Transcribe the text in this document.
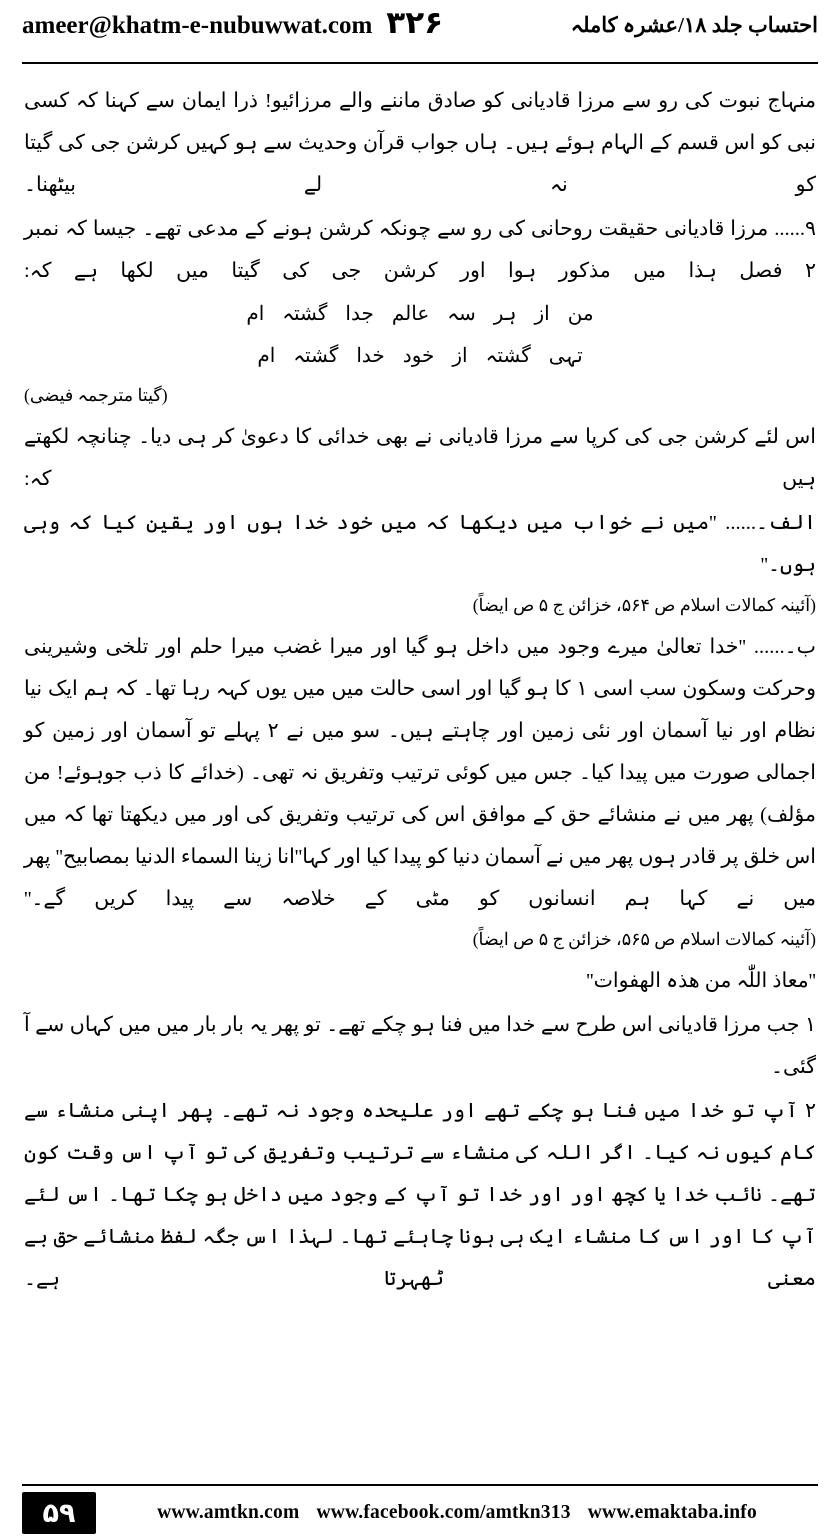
ameer@khatm-e-nubuwwat.com ۳۲۶	احتساب جلد ۱۸/عشرہ کاملہ

منہاج نبوت کی رو سے مرزا قادیانی کو صادق ماننے والے مرزائیو! ذرا ایمان سے کہنا کہ کسی نبی کو اس قسم کے الہام ہوئے ہیں۔ ہاں جواب قرآن وحدیث سے ہو کہیں کرشن جی کی گیتا کو نہ لے بیٹھنا۔

۹...... مرزا قادیانی حقیقت روحانی کی رو سے چونکہ کرشن ہونے کے مدعی تھے۔ جیسا کہ نمبر ۲ فصل ہذا میں مذکور ہوا اور کرشن جی کی گیتا میں لکھا ہے کہ:

من از ہر سہ عالم جدا گشتہ ام

تہی گشتہ از خود خدا گشتہ ام

(گیتا مترجمہ فیضی)

اس لئے کرشن جی کی کرپا سے مرزا قادیانی نے بھی خدائی کا دعویٰ کر ہی دیا۔ چنانچہ لکھتے ہیں کہ:

الف۔...... ''میں نے خواب میں دیکھا کہ میں خود خدا ہوں اور یقین کیا کہ وہی ہوں۔''

(آئینہ کمالات اسلام ص ۵۶۴، خزائن ج ۵ ص ایضاً)

ب۔...... ''خدا تعالیٰ میرے وجود میں داخل ہو گیا اور میرا غضب میرا حلم اور تلخی وشیرینی وحرکت وسکون سب اسی ۱ کا ہو گیا اور اسی حالت میں میں یوں کہہ رہا تھا۔ کہ ہم ایک نیا نظام اور نیا آسمان اور نئی زمین اور چاہتے ہیں۔ سو میں نے ۲ پہلے تو آسمان اور زمین کو اجمالی صورت میں پیدا کیا۔ جس میں کوئی ترتیب وتفریق نہ تھی۔ (خدائے کا ذب جوہوئے! من مؤلف) پھر میں نے منشائے حق کے موافق اس کی ترتیب وتفریق کی اور میں دیکھتا تھا کہ میں اس خلق پر قادر ہوں پھر میں نے آسمان دنیا کو پیدا کیا اور کہا''انا زینا السماء الدنیا بمصابیح'' پھر میں نے کہا ہم انسانوں کو مٹی کے خلاصہ سے پیدا کریں گے۔''

(آئینہ کمالات اسلام ص ۵۶۵، خزائن ج ۵ ص ایضاً)

''معاذ اللّٰہ من ھذہ الھفوات''

۱ جب مرزا قادیانی اس طرح سے خدا میں فنا ہو چکے تھے۔ تو پھر یہ بار بار میں میں کہاں سے آ گئی۔

۲ آپ تو خدا میں فنا ہو چکے تھے اور علیحدہ وجود نہ تھے۔ پھر اپنی منشاء سے کام کیوں نہ کیا۔ اگر اللہ کی منشاء سے ترتیب وتفریق کی تو آپ اس وقت کون تھے۔ نائب خدا یا کچھ اور اور خدا تو آپ کے وجود میں داخل ہو چکا تھا۔ اس لئے آپ کا اور اس کا منشاء ایک ہی ہونا چاہئے تھا۔ لہذا اس جگہ لفظ منشائے حق بے معنی ٹھہرتا ہے۔

۵۹	www.amtkn.com www.facebook.com/amtkn313 www.emaktaba.info
